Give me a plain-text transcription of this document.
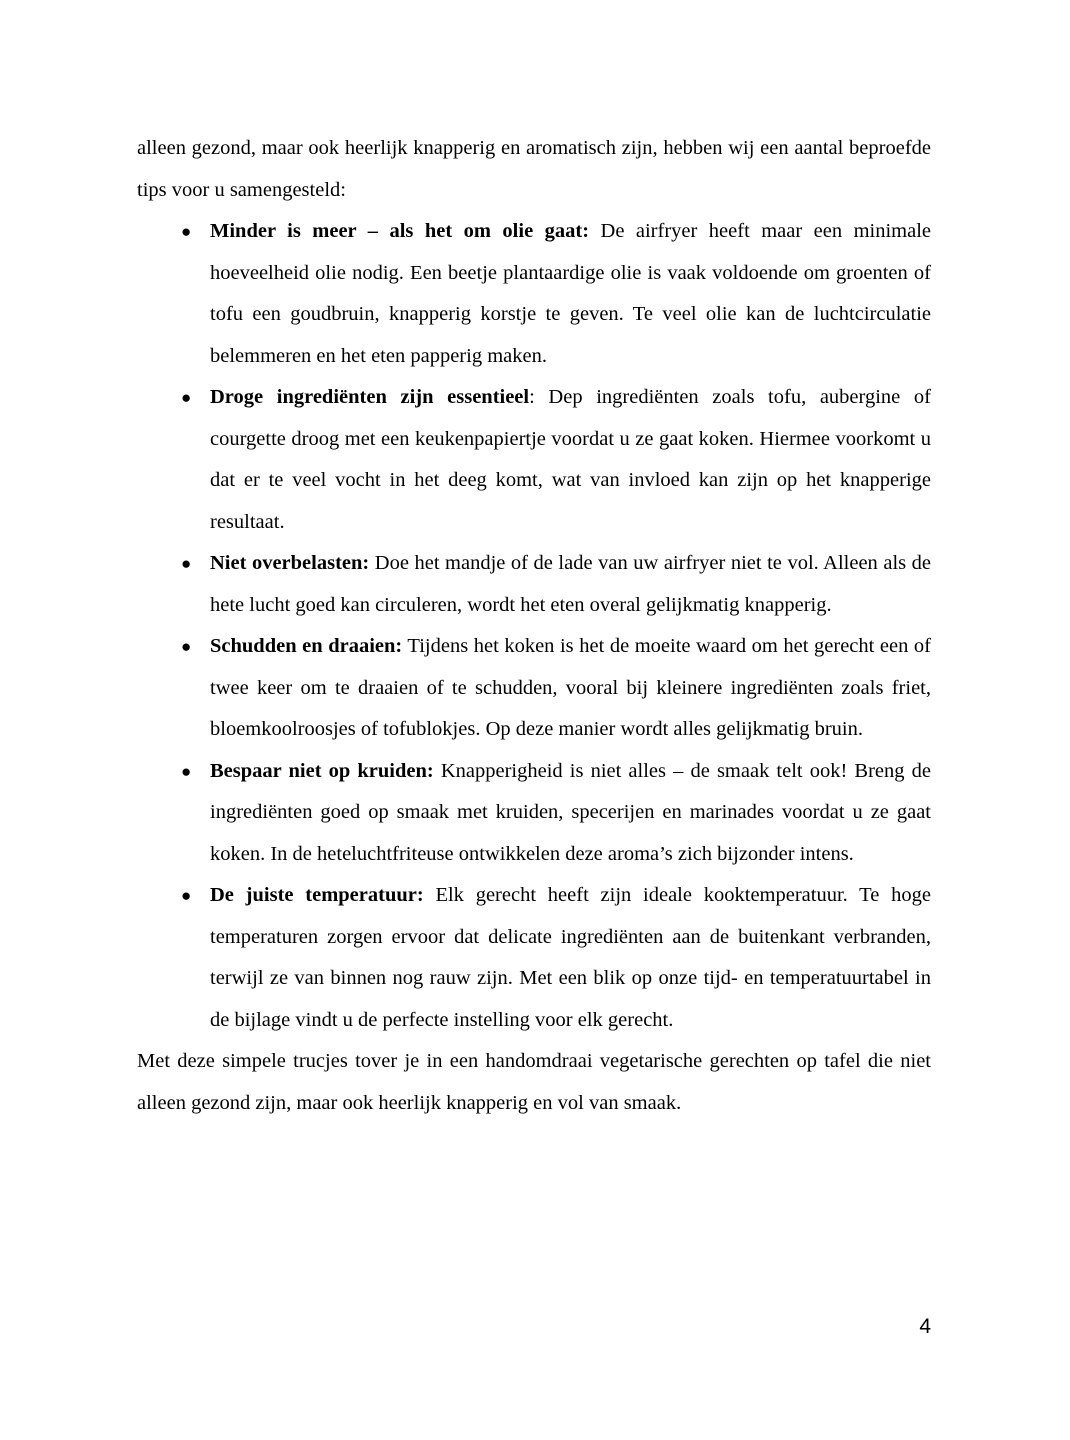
alleen gezond, maar ook heerlijk knapperig en aromatisch zijn, hebben wij een aantal beproefde tips voor u samengesteld:

● Minder is meer – als het om olie gaat: De airfryer heeft maar een minimale hoeveelheid olie nodig. Een beetje plantaardige olie is vaak voldoende om groenten of tofu een goudbruin, knapperig korstje te geven. Te veel olie kan de luchtcirculatie belemmeren en het eten papperig maken.
● Droge ingrediënten zijn essentieel: Dep ingrediënten zoals tofu, aubergine of courgette droog met een keukenpapiertje voordat u ze gaat koken. Hiermee voorkomt u dat er te veel vocht in het deeg komt, wat van invloed kan zijn op het knapperige resultaat.
● Niet overbelasten: Doe het mandje of de lade van uw airfryer niet te vol. Alleen als de hete lucht goed kan circuleren, wordt het eten overal gelijkmatig knapperig.
● Schudden en draaien: Tijdens het koken is het de moeite waard om het gerecht een of twee keer om te draaien of te schudden, vooral bij kleinere ingrediënten zoals friet, bloemkoolroosjes of tofublokjes. Op deze manier wordt alles gelijkmatig bruin.
● Bespaar niet op kruiden: Knapperigheid is niet alles – de smaak telt ook! Breng de ingrediënten goed op smaak met kruiden, specerijen en marinades voordat u ze gaat koken. In de heteluchtfriteuse ontwikkelen deze aroma’s zich bijzonder intens.
● De juiste temperatuur: Elk gerecht heeft zijn ideale kooktemperatuur. Te hoge temperaturen zorgen ervoor dat delicate ingrediënten aan de buitenkant verbranden, terwijl ze van binnen nog rauw zijn. Met een blik op onze tijd- en temperatuurtabel in de bijlage vindt u de perfecte instelling voor elk gerecht.

Met deze simpele trucjes tover je in een handomdraai vegetarische gerechten op tafel die niet alleen gezond zijn, maar ook heerlijk knapperig en vol van smaak.

4
